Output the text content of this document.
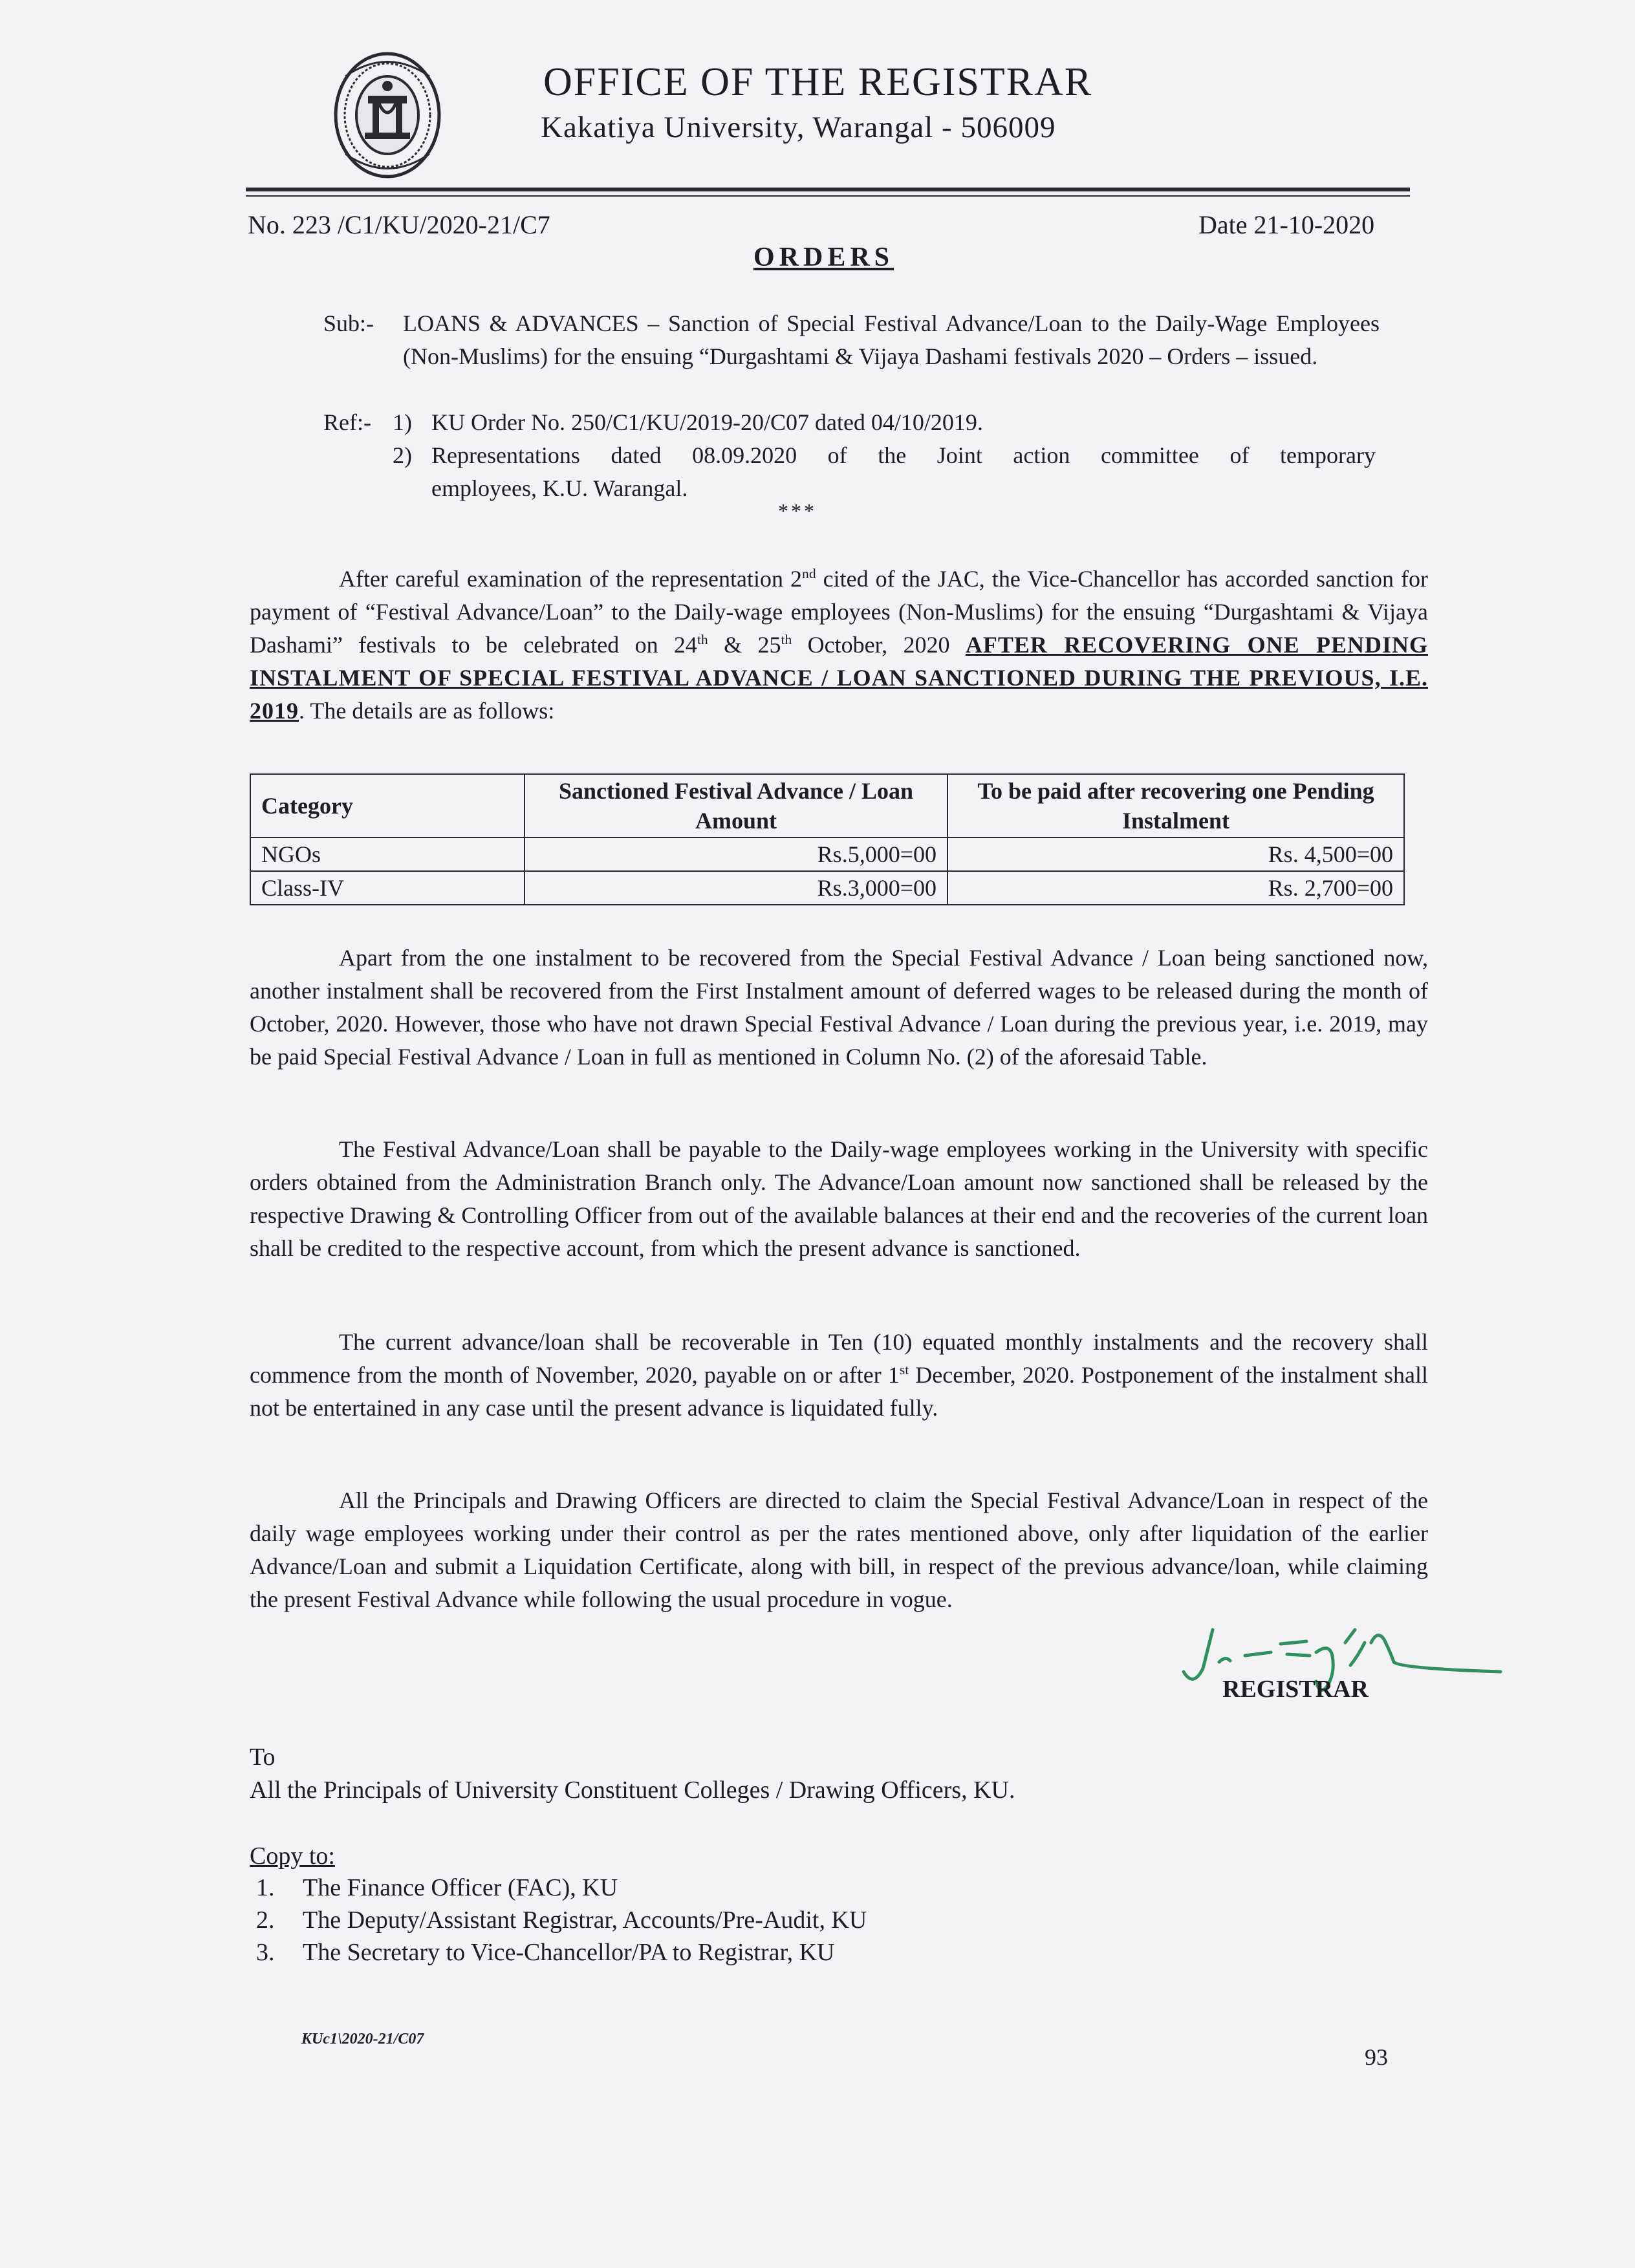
OFFICE OF THE REGISTRAR
Kakatiya University, Warangal - 506009
No. 223 /C1/KU/2020-21/C7	Date 21-10-2020
ORDERS
Sub:- LOANS & ADVANCES – Sanction of Special Festival Advance/Loan to the Daily-Wage Employees (Non-Muslims) for the ensuing “Durgashtami & Vijaya Dashami festivals 2020 – Orders – issued.
Ref:- 1) KU Order No. 250/C1/KU/2019-20/C07 dated 04/10/2019.
2) Representations dated 08.09.2020 of the Joint action committee of temporary
employees, K.U. Warangal.
***
After careful examination of the representation 2nd cited of the JAC, the Vice-Chancellor has accorded sanction for payment of “Festival Advance/Loan” to the Daily-wage employees (Non-Muslims) for the ensuing “Durgashtami & Vijaya Dashami” festivals to be celebrated on 24th & 25th October, 2020 AFTER RECOVERING ONE PENDING INSTALMENT OF SPECIAL FESTIVAL ADVANCE / LOAN SANCTIONED DURING THE PREVIOUS, I.E. 2019. The details are as follows:
Category	Sanctioned Festival Advance / Loan Amount	To be paid after recovering one Pending Instalment
NGOs	Rs.5,000=00	Rs. 4,500=00
Class-IV	Rs.3,000=00	Rs. 2,700=00
Apart from the one instalment to be recovered from the Special Festival Advance / Loan being sanctioned now, another instalment shall be recovered from the First Instalment amount of deferred wages to be released during the month of October, 2020. However, those who have not drawn Special Festival Advance / Loan during the previous year, i.e. 2019, may be paid Special Festival Advance / Loan in full as mentioned in Column No. (2) of the aforesaid Table.
The Festival Advance/Loan shall be payable to the Daily-wage employees working in the University with specific orders obtained from the Administration Branch only. The Advance/Loan amount now sanctioned shall be released by the respective Drawing & Controlling Officer from out of the available balances at their end and the recoveries of the current loan shall be credited to the respective account, from which the present advance is sanctioned.
The current advance/loan shall be recoverable in Ten (10) equated monthly instalments and the recovery shall commence from the month of November, 2020, payable on or after 1st December, 2020. Postponement of the instalment shall not be entertained in any case until the present advance is liquidated fully.
All the Principals and Drawing Officers are directed to claim the Special Festival Advance/Loan in respect of the daily wage employees working under their control as per the rates mentioned above, only after liquidation of the earlier Advance/Loan and submit a Liquidation Certificate, along with bill, in respect of the previous advance/loan, while claiming the present Festival Advance while following the usual procedure in vogue.
REGISTRAR
To
All the Principals of University Constituent Colleges / Drawing Officers, KU.
Copy to:
1. The Finance Officer (FAC), KU
2. The Deputy/Assistant Registrar, Accounts/Pre-Audit, KU
3. The Secretary to Vice-Chancellor/PA to Registrar, KU
KUc1\2020-21/C07
93
